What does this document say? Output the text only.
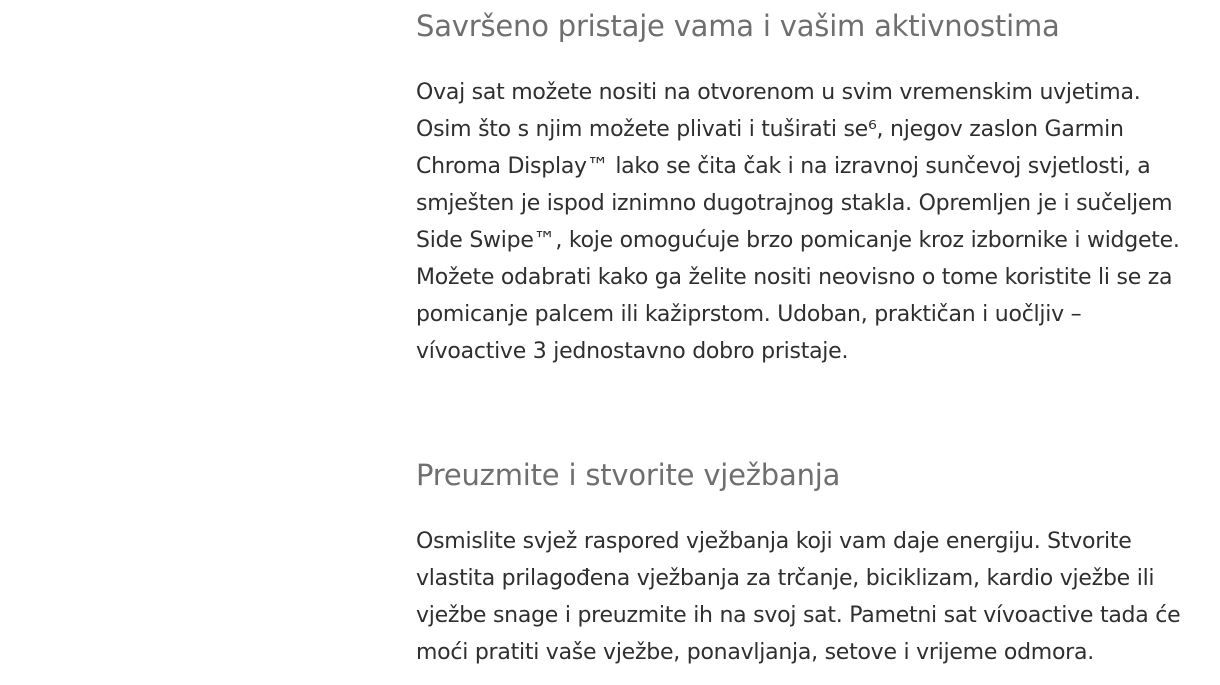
Savršeno pristaje vama i vašim aktivnostima

Ovaj sat možete nositi na otvorenom u svim vremenskim uvjetima.
Osim što s njim možete plivati i tuširati se⁶, njegov zaslon Garmin
Chroma Display™ lako se čita čak i na izravnoj sunčevoj svjetlosti, a
smješten je ispod iznimno dugotrajnog stakla. Opremljen je i sučeljem
Side Swipe™, koje omogućuje brzo pomicanje kroz izbornike i widgete.
Možete odabrati kako ga želite nositi neovisno o tome koristite li se za
pomicanje palcem ili kažiprstom. Udoban, praktičan i uočljiv –
vívoactive 3 jednostavno dobro pristaje.

Preuzmite i stvorite vježbanja

Osmislite svjež raspored vježbanja koji vam daje energiju. Stvorite
vlastita prilagođena vježbanja za trčanje, biciklizam, kardio vježbe ili
vježbe snage i preuzmite ih na svoj sat. Pametni sat vívoactive tada će
moći pratiti vaše vježbe, ponavljanja, setove i vrijeme odmora.
